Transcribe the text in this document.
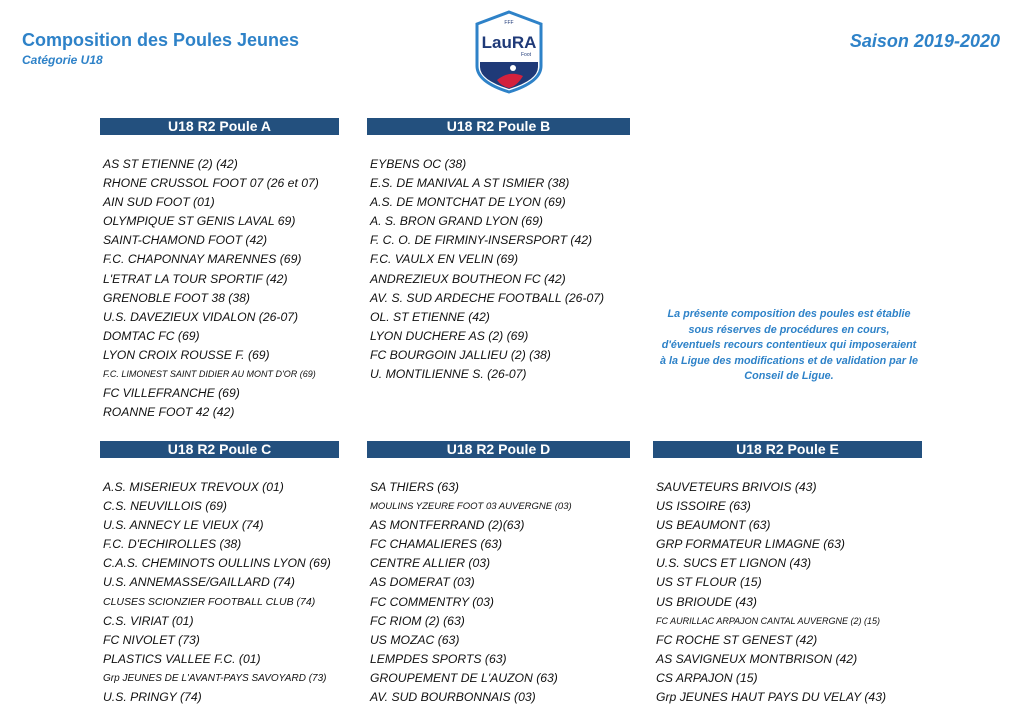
Composition des Poules Jeunes
Catégorie U18
Saison 2019-2020
FFF
LauRA
Foot
U18 R2 Poule A
AS ST ETIENNE (2) (42)
RHONE CRUSSOL FOOT 07 (26 et 07)
AIN SUD FOOT (01)
OLYMPIQUE ST GENIS LAVAL 69)
SAINT-CHAMOND FOOT (42)
F.C. CHAPONNAY MARENNES (69)
L'ETRAT LA TOUR SPORTIF (42)
GRENOBLE FOOT 38 (38)
U.S. DAVEZIEUX VIDALON (26-07)
DOMTAC FC (69)
LYON CROIX ROUSSE F. (69)
F.C. LIMONEST SAINT DIDIER AU MONT D'OR (69)
FC VILLEFRANCHE (69)
ROANNE FOOT 42 (42)
U18 R2 Poule B
EYBENS OC (38)
E.S. DE MANIVAL A ST ISMIER (38)
A.S. DE MONTCHAT DE LYON (69)
A. S. BRON GRAND LYON (69)
F. C. O. DE FIRMINY-INSERSPORT (42)
F.C. VAULX EN VELIN (69)
ANDREZIEUX BOUTHEON FC (42)
AV. S. SUD ARDECHE FOOTBALL (26-07)
OL. ST ETIENNE (42)
LYON DUCHERE AS (2) (69)
FC BOURGOIN JALLIEU (2) (38)
U. MONTILIENNE S. (26-07)
La présente composition des poules est établie sous réserves de procédures en cours, d'éventuels recours contentieux qui imposeraient à la Ligue des modifications et de validation par le Conseil de Ligue.
U18 R2 Poule C
A.S. MISERIEUX TREVOUX (01)
C.S. NEUVILLOIS (69)
U.S. ANNECY LE VIEUX (74)
F.C. D'ECHIROLLES (38)
C.A.S. CHEMINOTS OULLINS LYON (69)
U.S. ANNEMASSE/GAILLARD (74)
CLUSES SCIONZIER FOOTBALL CLUB (74)
C.S. VIRIAT (01)
FC NIVOLET (73)
PLASTICS VALLEE F.C. (01)
Grp JEUNES DE L'AVANT-PAYS SAVOYARD (73)
U.S. PRINGY (74)
U18 R2 Poule D
SA THIERS (63)
MOULINS YZEURE FOOT 03 AUVERGNE (03)
AS MONTFERRAND (2)(63)
FC CHAMALIERES (63)
CENTRE ALLIER (03)
AS DOMERAT (03)
FC COMMENTRY (03)
FC RIOM (2) (63)
US MOZAC (63)
LEMPDES SPORTS (63)
GROUPEMENT DE L'AUZON (63)
AV. SUD BOURBONNAIS (03)
U18 R2 Poule E
SAUVETEURS BRIVOIS (43)
US ISSOIRE (63)
US BEAUMONT (63)
GRP FORMATEUR LIMAGNE (63)
U.S. SUCS ET LIGNON (43)
US ST FLOUR (15)
US BRIOUDE (43)
FC AURILLAC ARPAJON CANTAL AUVERGNE (2) (15)
FC ROCHE ST GENEST (42)
AS SAVIGNEUX MONTBRISON (42)
CS ARPAJON (15)
Grp JEUNES HAUT PAYS DU VELAY (43)
